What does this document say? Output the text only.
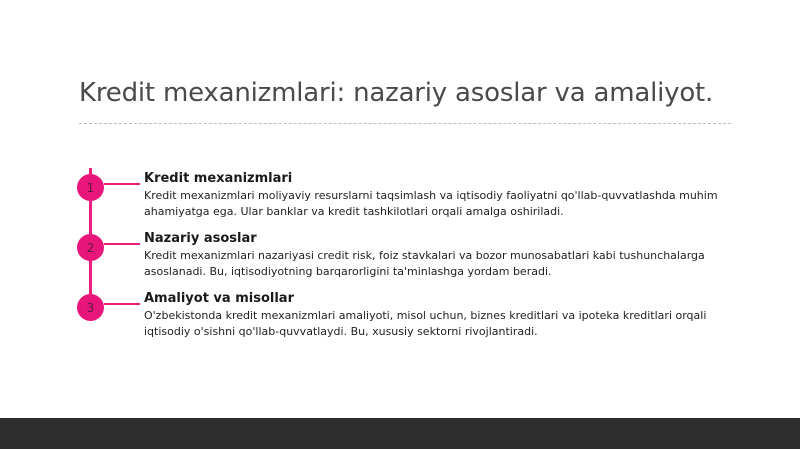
Kredit mexanizmlari: nazariy asoslar va amaliyot.
1
Kredit mexanizmlari
Kredit mexanizmlari moliyaviy resurslarni taqsimlash va iqtisodiy faoliyatni qo'llab-quvvatlashda muhim ahamiyatga ega. Ular banklar va kredit tashkilotlari orqali amalga oshiriladi.
2
Nazariy asoslar
Kredit mexanizmlari nazariyasi credit risk, foiz stavkalari va bozor munosabatlari kabi tushunchalarga asoslanadi. Bu, iqtisodiyotning barqarorligini ta'minlashga yordam beradi.
3
Amaliyot va misollar
O'zbekistonda kredit mexanizmlari amaliyoti, misol uchun, biznes kreditlari va ipoteka kreditlari orqali iqtisodiy o'sishni qo'llab-quvvatlaydi. Bu, xususiy sektorni rivojlantiradi.
